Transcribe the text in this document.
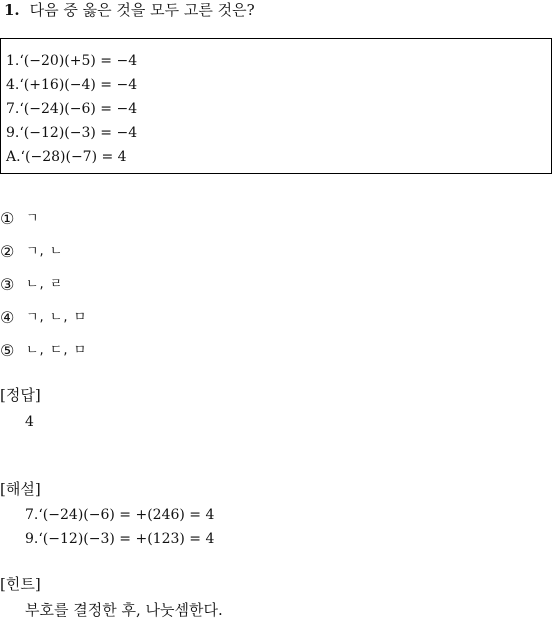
1. 다음 중 옳은 것을 모두 고른 것은?
1.‘(−20)(+5) = −4
4.‘(+16)(−4) = −4
7.‘(−24)(−6) = −4
9.‘(−12)(−3) = −4
A.‘(−28)(−7) = 4
① ㄱ
② ㄱ, ㄴ
③ ㄴ, ㄹ
④ ㄱ, ㄴ, ㅁ
⑤ ㄴ, ㄷ, ㅁ
[정답]
4
[해설]
7.‘(−24)(−6) = +(246) = 4
9.‘(−12)(−3) = +(123) = 4
[힌트]
부호를 결정한 후, 나눗셈한다.
